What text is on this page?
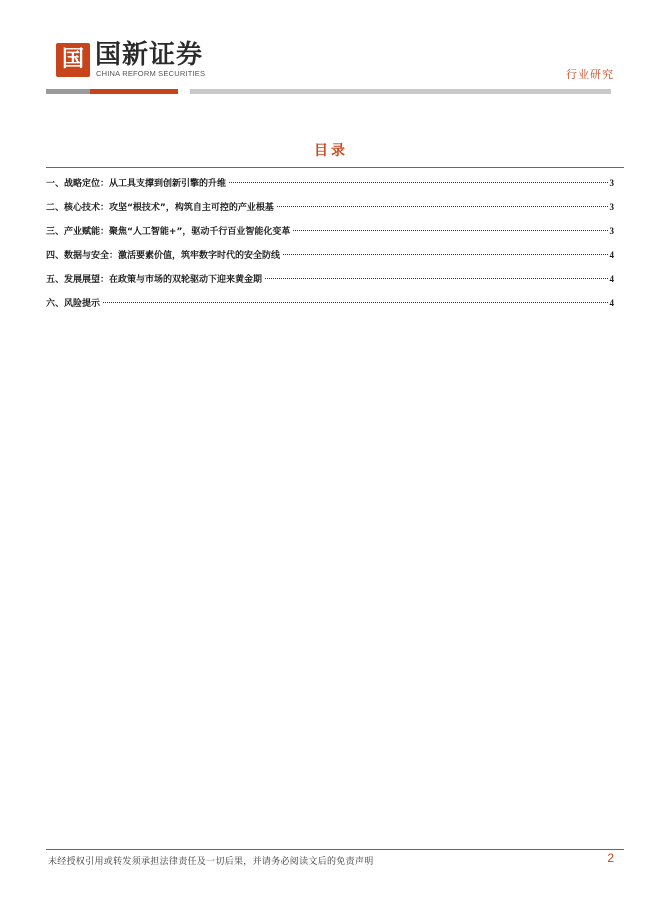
国 国新证券
CHINA REFORM SECURITIES	行业研究
目录
一、战略定位：从工具支撑到创新引擎的升维	3
二、核心技术：攻坚“根技术”，构筑自主可控的产业根基	3
三、产业赋能：聚焦“人工智能+”，驱动千行百业智能化变革	3
四、数据与安全：激活要素价值，筑牢数字时代的安全防线	4
五、发展展望：在政策与市场的双轮驱动下迎来黄金期	4
六、风险提示	4
未经授权引用或转发须承担法律责任及一切后果，并请务必阅读文后的免责声明	2
